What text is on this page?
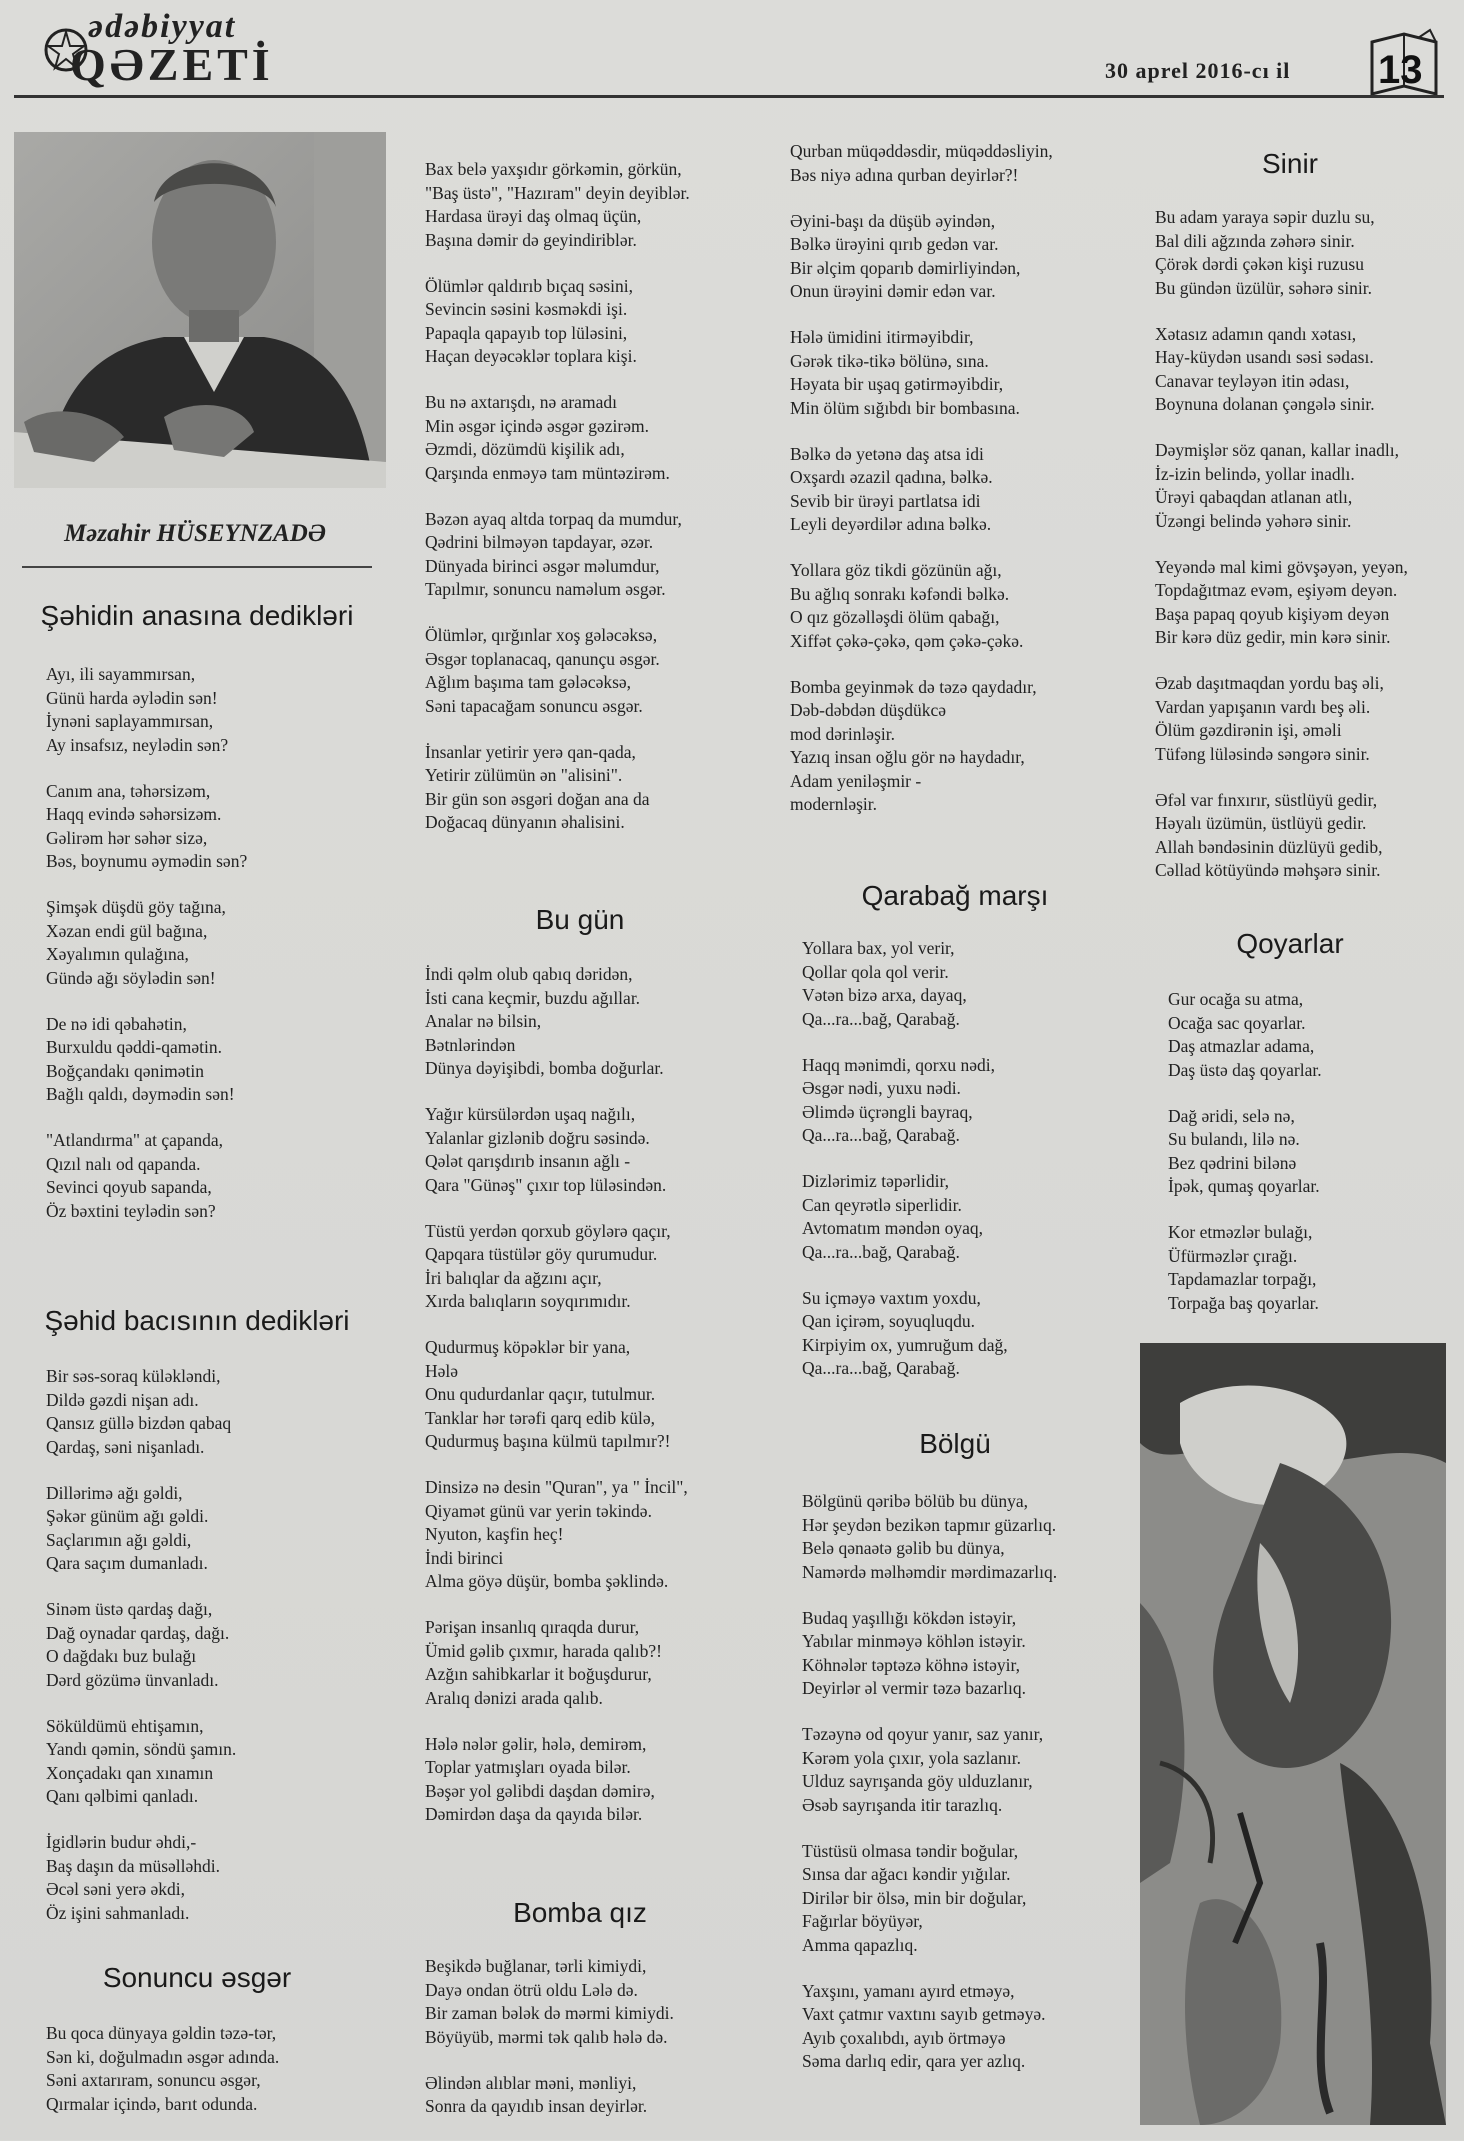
ədəbiyyat
QƏZETİ	30 aprel 2016-cı il 13
Məzahir HÜSEYNZADƏ
Şəhidin anasına dedikləri
Ayı, ili sayammırsan,
Günü harda əylədin sən!
İynəni saplayammırsan,
Ay insafsız, neylədin sən?
Canım ana, təhərsizəm,
Haqq evində səhərsizəm.
Gəlirəm hər səhər sizə,
Bəs, boynumu əymədin sən?
Şimşək düşdü göy tağına,
Xəzan endi gül bağına,
Xəyalımın qulağına,
Gündə ağı söylədin sən!
De nə idi qəbahətin,
Burxuldu qəddi-qamətin.
Boğçandakı qənimətin
Bağlı qaldı, dəymədin sən!
"Atlandırma" at çapanda,
Qızıl nalı od qapanda.
Sevinci qoyub sapanda,
Öz bəxtini teylədin sən?
Şəhid bacısının dedikləri
Bir səs-soraq küləkləndi,
Dildə gəzdi nişan adı.
Qansız güllə bizdən qabaq
Qardaş, səni nişanladı.
Dillərimə ağı gəldi,
Şəkər günüm ağı gəldi.
Saçlarımın ağı gəldi,
Qara saçım dumanladı.
Sinəm üstə qardaş dağı,
Dağ oynadar qardaş, dağı.
O dağdakı buz bulağı
Dərd gözümə ünvanladı.
Söküldümü ehtişamın,
Yandı qəmin, söndü şamın.
Xonçadakı qan xınamın
Qanı qəlbimi qanladı.
İgidlərin budur əhdi,-
Baş daşın da müsəlləhdi.
Əcəl səni yerə əkdi,
Öz işini sahmanladı.
Sonuncu əsgər
Bu qoca dünyaya gəldin təzə-tər,
Sən ki, doğulmadın əsgər adında.
Səni axtarıram, sonuncu əsgər,
Qırmalar içində, barıt odunda.
Bax belə yaxşıdır görkəmin, görkün,
"Baş üstə", "Hazıram" deyin deyiblər.
Hardasa ürəyi daş olmaq üçün,
Başına dəmir də geyindiriblər.
Ölümlər qaldırıb bıçaq səsini,
Sevincin səsini kəsməkdi işi.
Papaqla qapayıb top lüləsini,
Haçan deyəcəklər toplara kişi.
Bu nə axtarışdı, nə aramadı
Min əsgər içində əsgər gəzirəm.
Əzmdi, dözümdü kişilik adı,
Qarşında enməyə tam müntəzirəm.
Bəzən ayaq altda torpaq da mumdur,
Qədrini bilməyən tapdayar, əzər.
Dünyada birinci əsgər məlumdur,
Tapılmır, sonuncu naməlum əsgər.
Ölümlər, qırğınlar xoş gələcəksə,
Əsgər toplanacaq, qanunçu əsgər.
Ağlım başıma tam gələcəksə,
Səni tapacağam sonuncu əsgər.
İnsanlar yetirir yerə qan-qada,
Yetirir zülümün ən "alisini".
Bir gün son əsgəri doğan ana da
Doğacaq dünyanın əhalisini.
Bu gün
İndi qəlm olub qabıq dəridən,
İsti cana keçmir, buzdu ağıllar.
Analar nə bilsin,
Bətnlərindən
Dünya dəyişibdi, bomba doğurlar.
Yağır kürsülərdən uşaq nağılı,
Yalanlar gizlənib doğru səsində.
Qələt qarışdırıb insanın ağlı -
Qara "Günəş" çıxır top lüləsindən.
Tüstü yerdən qorxub göylərə qaçır,
Qapqara tüstülər göy qurumudur.
İri balıqlar da ağzını açır,
Xırda balıqların soyqırımıdır.
Qudurmuş köpəklər bir yana,
Hələ
Onu qudurdanlar qaçır, tutulmur.
Tanklar hər tərəfi qarq edib külə,
Qudurmuş başına külmü tapılmır?!
Dinsizə nə desin "Quran", ya " İncil",
Qiyamət günü var yerin təkində.
Nyuton, kaşfin heç!
İndi birinci
Alma göyə düşür, bomba şəklində.
Pərişan insanlıq qıraqda durur,
Ümid gəlib çıxmır, harada qalıb?!
Azğın sahibkarlar it boğuşdurur,
Aralıq dənizi arada qalıb.
Hələ nələr gəlir, hələ, demirəm,
Toplar yatmışları oyada bilər.
Bəşər yol gəlibdi daşdan dəmirə,
Dəmirdən daşa da qayıda bilər.
Bomba qız
Beşikdə buğlanar, tərli kimiydi,
Dayə ondan ötrü oldu Lələ də.
Bir zaman bələk də mərmi kimiydi.
Böyüyüb, mərmi tək qalıb hələ də.
Əlindən alıblar məni, mənliyi,
Sonra da qayıdıb insan deyirlər.
Qurban müqəddəsdir, müqəddəsliyin,
Bəs niyə adına qurban deyirlər?!
Əyini-başı da düşüb əyindən,
Bəlkə ürəyini qırıb gedən var.
Bir əlçim qoparıb dəmirliyindən,
Onun ürəyini dəmir edən var.
Hələ ümidini itirməyibdir,
Gərək tikə-tikə bölünə, sına.
Həyata bir uşaq gətirməyibdir,
Min ölüm sığıbdı bir bombasına.
Bəlkə də yetənə daş atsa idi
Oxşardı əzazil qadına, bəlkə.
Sevib bir ürəyi partlatsa idi
Leyli deyərdilər adına bəlkə.
Yollara göz tikdi gözünün ağı,
Bu ağlıq sonrakı kəfəndi bəlkə.
O qız gözəlləşdi ölüm qabağı,
Xiffət çəkə-çəkə, qəm çəkə-çəkə.
Bomba geyinmək də təzə qaydadır,
Dəb-dəbdən düşdükcə
mod dərinləşir.
Yazıq insan oğlu gör nə haydadır,
Adam yeniləşmir -
modernləşir.
Qarabağ marşı
Yollara bax, yol verir,
Qollar qola qol verir.
Vətən bizə arxa, dayaq,
Qa...ra...bağ, Qarabağ.
Haqq mənimdi, qorxu nədi,
Əsgər nədi, yuxu nədi.
Əlimdə üçrəngli bayraq,
Qa...ra...bağ, Qarabağ.
Dizlərimiz təpərlidir,
Can qeyrətlə siperlidir.
Avtomatım məndən oyaq,
Qa...ra...bağ, Qarabağ.
Su içməyə vaxtım yoxdu,
Qan içirəm, soyuqluqdu.
Kirpiyim ox, yumruğum dağ,
Qa...ra...bağ, Qarabağ.
Bölgü
Bölgünü qəribə bölüb bu dünya,
Hər şeydən bezikən tapmır güzarlıq.
Belə qənaətə gəlib bu dünya,
Namərdə məlhəmdir mərdimazarlıq.
Budaq yaşıllığı kökdən istəyir,
Yabılar minməyə köhlən istəyir.
Köhnələr təptəzə köhnə istəyir,
Deyirlər əl vermir təzə bazarlıq.
Təzəynə od qoyur yanır, saz yanır,
Kərəm yola çıxır, yola sazlanır.
Ulduz sayrışanda göy ulduzlanır,
Əsəb sayrışanda itir tarazlıq.
Tüstüsü olmasa təndir boğular,
Sınsa dar ağacı kəndir yığılar.
Dirilər bir ölsə, min bir doğular,
Fağırlar böyüyər,
Amma qapazlıq.
Yaxşını, yamanı ayırd etməyə,
Vaxt çatmır vaxtını sayıb getməyə.
Ayıb çoxalıbdı, ayıb örtməyə
Səma darlıq edir, qara yer azlıq.
Sinir
Bu adam yaraya səpir duzlu su,
Bal dili ağzında zəhərə sinir.
Çörək dərdi çəkən kişi ruzusu
Bu gündən üzülür, səhərə sinir.
Xətasız adamın qandı xətası,
Hay-küydən usandı səsi sədası.
Canavar teyləyən itin ədası,
Boynuna dolanan çəngələ sinir.
Dəymişlər söz qanan, kallar inadlı,
İz-izin belində, yollar inadlı.
Ürəyi qabaqdan atlanan atlı,
Üzəngi belində yəhərə sinir.
Yeyəndə mal kimi gövşəyən, yeyən,
Topdağıtmaz evəm, eşiyəm deyən.
Başa papaq qoyub kişiyəm deyən
Bir kərə düz gedir, min kərə sinir.
Əzab daşıtmaqdan yordu baş əli,
Vardan yapışanın vardı beş əli.
Ölüm gəzdirənin işi, əməli
Tüfəng lüləsində səngərə sinir.
Əfəl var fınxırır, süstlüyü gedir,
Həyalı üzümün, üstlüyü gedir.
Allah bəndəsinin düzlüyü gedib,
Cəllad kötüyündə məhşərə sinir.
Qoyarlar
Gur ocağa su atma,
Ocağa sac qoyarlar.
Daş atmazlar adama,
Daş üstə daş qoyarlar.
Dağ əridi, selə nə,
Su bulandı, lilə nə.
Bez qədrini bilənə
İpək, qumaş qoyarlar.
Kor etməzlər bulağı,
Üfürməzlər çırağı.
Tapdamazlar torpağı,
Torpağa baş qoyarlar.
